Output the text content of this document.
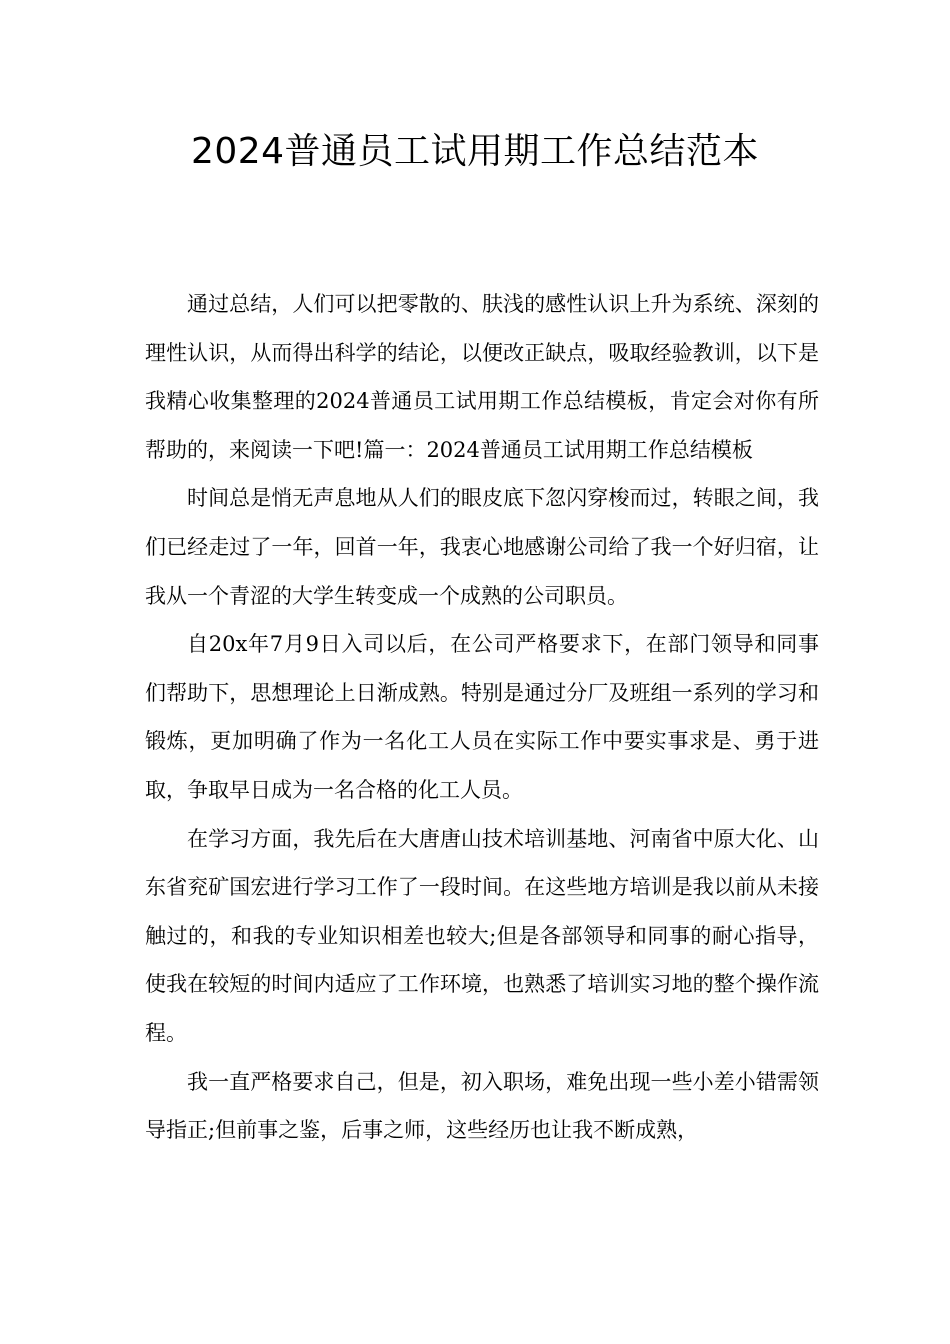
2024普通员工试用期工作总结范本

通过总结，人们可以把零散的、肤浅的感性认识上升为系统、深刻的理性认识，从而得出科学的结论，以便改正缺点，吸取经验教训，以下是我精心收集整理的2024普通员工试用期工作总结模板，肯定会对你有所帮助的，来阅读一下吧!篇一：2024普通员工试用期工作总结模板

时间总是悄无声息地从人们的眼皮底下忽闪穿梭而过，转眼之间，我们已经走过了一年，回首一年，我衷心地感谢公司给了我一个好归宿，让我从一个青涩的大学生转变成一个成熟的公司职员。

自20x年7月9日入司以后，在公司严格要求下，在部门领导和同事们帮助下，思想理论上日渐成熟。特别是通过分厂及班组一系列的学习和锻炼，更加明确了作为一名化工人员在实际工作中要实事求是、勇于进取，争取早日成为一名合格的化工人员。

在学习方面，我先后在大唐唐山技术培训基地、河南省中原大化、山东省兖矿国宏进行学习工作了一段时间。在这些地方培训是我以前从未接触过的，和我的专业知识相差也较大;但是各部领导和同事的耐心指导，使我在较短的时间内适应了工作环境，也熟悉了培训实习地的整个操作流程。

我一直严格要求自己，但是，初入职场，难免出现一些小差小错需领导指正;但前事之鉴，后事之师，这些经历也让我不断成熟，
